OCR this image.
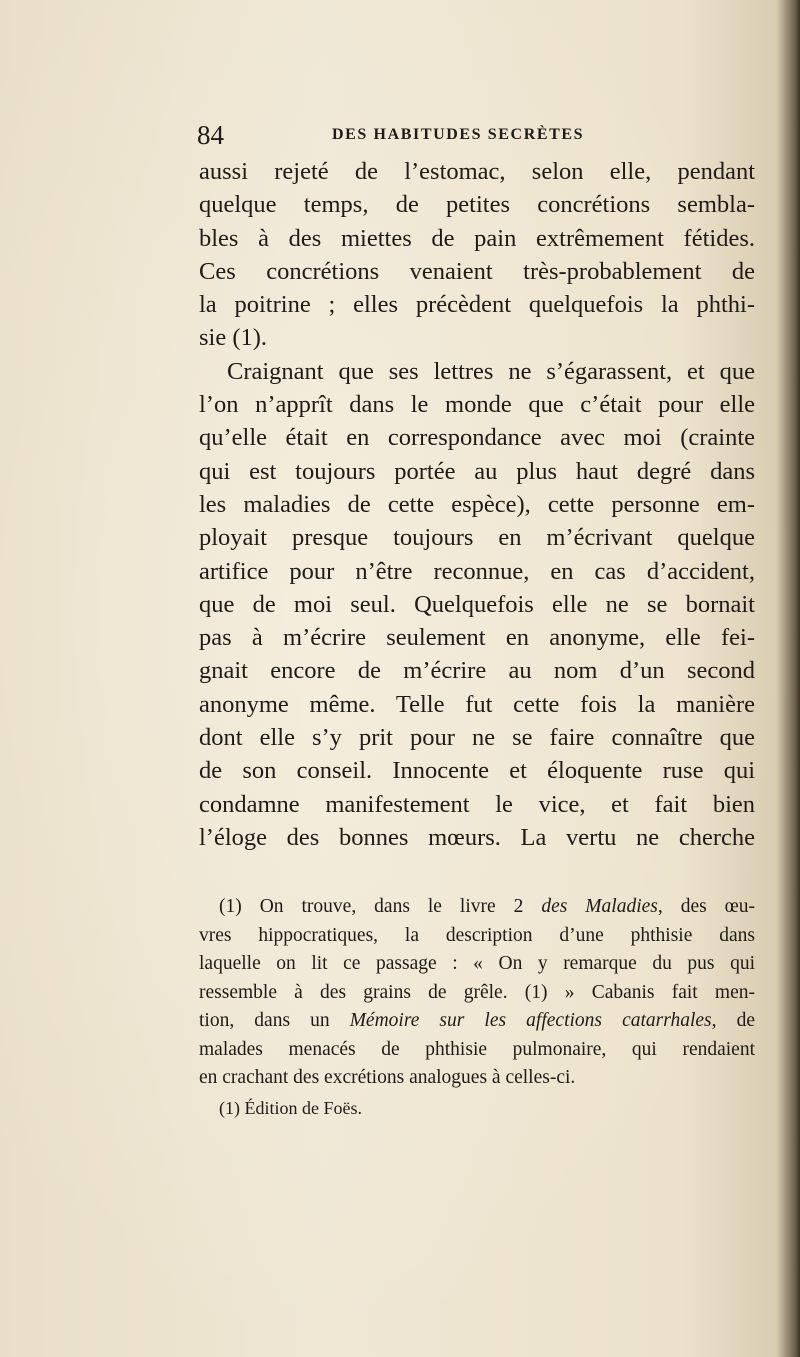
84	DES HABITUDES SECRÈTES
aussi rejeté de l’estomac, selon elle, pendant
quelque temps, de petites concrétions sembla-
bles à des miettes de pain extrêmement fétides.
Ces concrétions venaient très-probablement de
la poitrine ; elles précèdent quelquefois la phthi-
sie (1).
Craignant que ses lettres ne s’égarassent, et que
l’on n’apprît dans le monde que c’était pour elle
qu’elle était en correspondance avec moi (crainte
qui est toujours portée au plus haut degré dans
les maladies de cette espèce), cette personne em-
ployait presque toujours en m’écrivant quelque
artifice pour n’être reconnue, en cas d’accident,
que de moi seul. Quelquefois elle ne se bornait
pas à m’écrire seulement en anonyme, elle fei-
gnait encore de m’écrire au nom d’un second
anonyme même. Telle fut cette fois la manière
dont elle s’y prit pour ne se faire connaître que
de son conseil. Innocente et éloquente ruse qui
condamne manifestement le vice, et fait bien
l’éloge des bonnes mœurs. La vertu ne cherche
(1) On trouve, dans le livre 2 des Maladies, des œu-
vres hippocratiques, la description d’une phthisie dans
laquelle on lit ce passage : « On y remarque du pus qui
ressemble à des grains de grêle. (1) » Cabanis fait men-
tion, dans un Mémoire sur les affections catarrhales, de
malades menacés de phthisie pulmonaire, qui rendaient
en crachant des excrétions analogues à celles-ci.
(1) Édition de Foës.
